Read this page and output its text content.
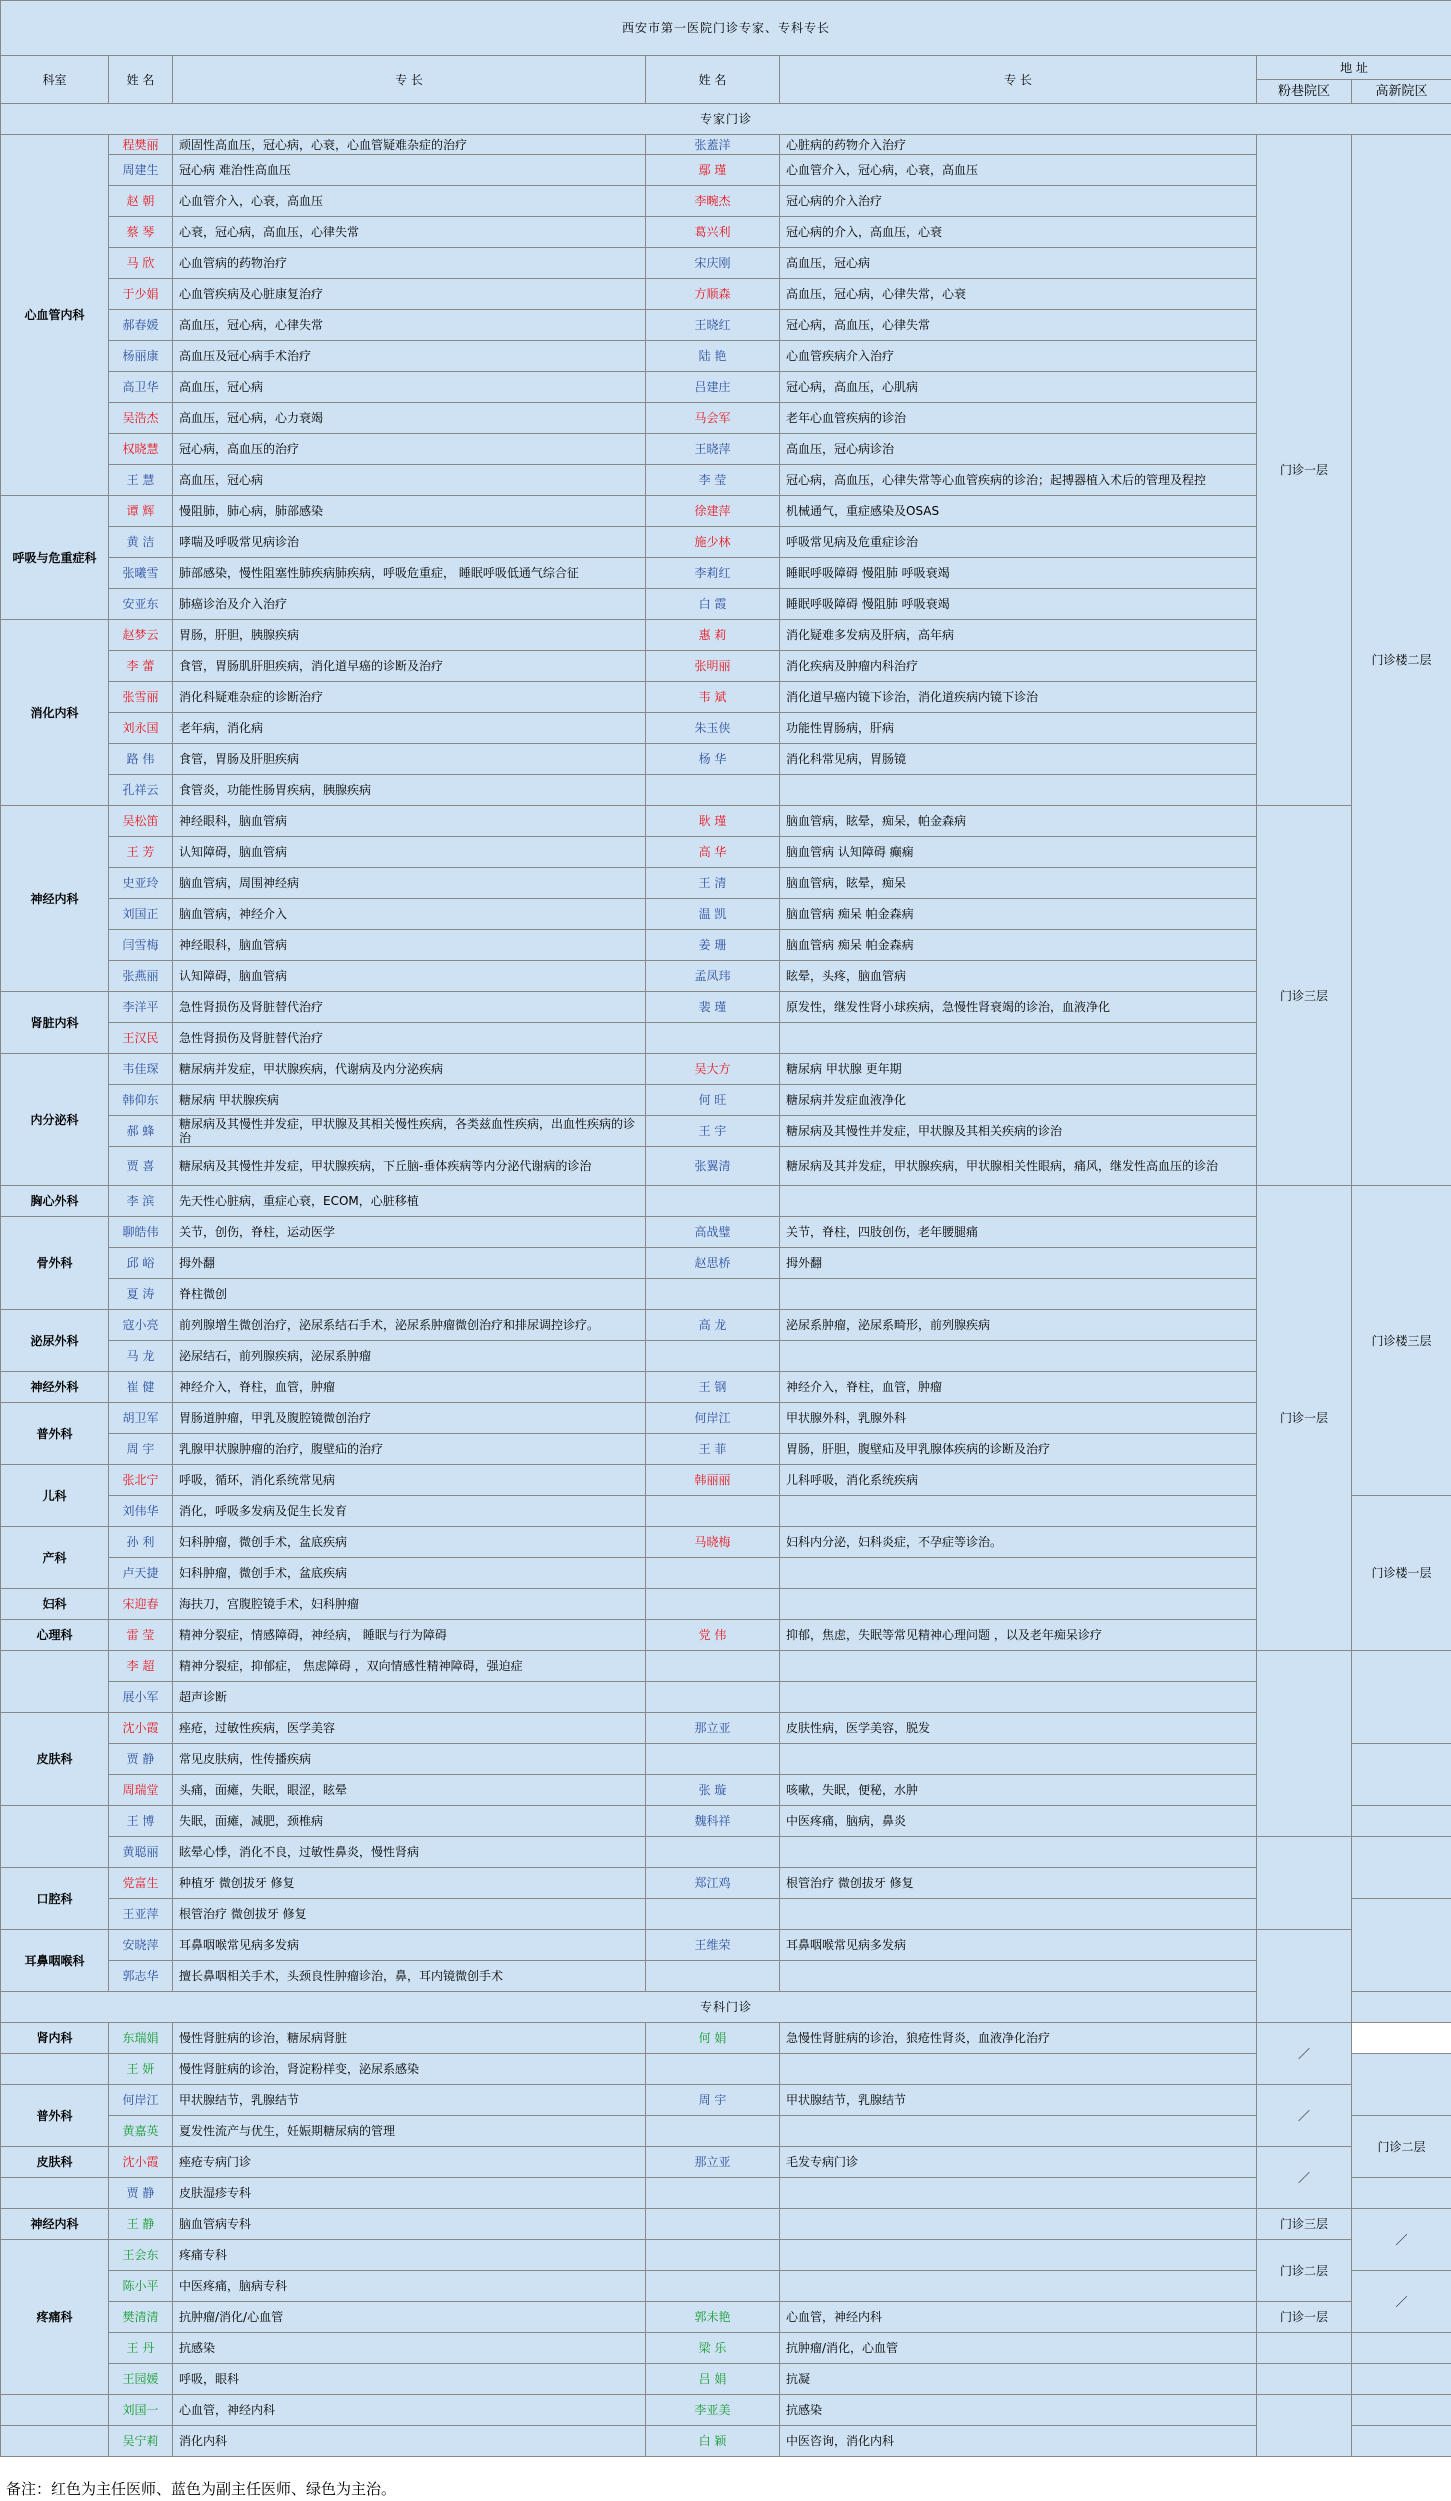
西安市第一医院门诊专家、专科专长						
科室	姓 名	专 长	姓 名	专 长	地 址	
					粉巷院区	高新院区
专家门诊						
心血管内科	程樊丽	顽固性高血压，冠心病，心衰，心血管疑难杂症的治疗	张蓋洋	心脏病的药物介入治疗	门诊一层	门诊楼二层
	周建生	冠心病 难治性高血压	鄢 瑾	心血管介入，冠心病，心衰，高血压		
	赵 朝	心血管介入，心衰，高血压	李畹杰	冠心病的介入治疗		
	蔡 琴	心衰，冠心病，高血压，心律失常	葛兴利	冠心病的介入，高血压，心衰		
	马 欣	心血管病的药物治疗	宋庆刚	高血压，冠心病		
	于少娟	心血管疾病及心脏康复治疗	方顺森	高血压，冠心病，心律失常，心衰		
	郝春媛	高血压，冠心病，心律失常	王晓红	冠心病，高血压，心律失常		
	杨丽康	高血压及冠心病手术治疗	陆 艳	心血管疾病介入治疗		
	高卫华	高血压，冠心病	吕建庄	冠心病，高血压，心肌病		
	吴浩杰	高血压，冠心病，心力衰竭	马会军	老年心血管疾病的诊治		
	权晓慧	冠心病，高血压的治疗	王晓萍	高血压，冠心病诊治		
	王 慧	高血压，冠心病	李 莹	冠心病，高血压，心律失常等心血管疾病的诊治；起搏器植入术后的管理及程控		
呼吸与危重症科	谭 辉	慢阻肺，肺心病，肺部感染	徐建萍	机械通气，重症感染及OSAS		
	黄 洁	哮喘及呼吸常见病诊治	施少林	呼吸常见病及危重症诊治		
	张曦雪	肺部感染，慢性阻塞性肺疾病肺疾病，呼吸危重症， 睡眠呼吸低通气综合征	李莉红	睡眠呼吸障碍 慢阻肺 呼吸衰竭		
	安亚东	肺癌诊治及介入治疗	白 霞	睡眠呼吸障碍 慢阻肺 呼吸衰竭		
消化内科	赵梦云	胃肠，肝胆，胰腺疾病	惠 莉	消化疑难多发病及肝病，高年病		
	李 蕾	食管，胃肠肌肝胆疾病，消化道早癌的诊断及治疗	张明丽	消化疾病及肿瘤内科治疗		
	张雪丽	消化科疑难杂症的诊断治疗	韦 斌	消化道早癌内镜下诊治，消化道疾病内镜下诊治		
	刘永国	老年病，消化病	朱玉侠	功能性胃肠病，肝病		
	路 伟	食管，胃肠及肝胆疾病	杨 华	消化科常见病，胃肠镜		
	孔祥云	食管炎，功能性肠胃疾病，胰腺疾病				
神经内科	吴松笛	神经眼科，脑血管病	耿 瑾	脑血管病，眩晕，痴呆，帕金森病	门诊三层	
	王 芳	认知障碍，脑血管病	高 华	脑血管病 认知障碍 癫痫		
	史亚玲	脑血管病，周围神经病	王 清	脑血管病，眩晕，痴呆		
	刘国正	脑血管病，神经介入	温 凯	脑血管病 痴呆 帕金森病		
	闫雪梅	神经眼科，脑血管病	姜 珊	脑血管病 痴呆 帕金森病		
	张燕丽	认知障碍，脑血管病	孟凤玮	眩晕，头疼，脑血管病		
肾脏内科	李洋平	急性肾损伤及肾脏替代治疗	裴 瑾	原发性，继发性肾小球疾病，急慢性肾衰竭的诊治，血液净化		
	王汉民	急性肾损伤及肾脏替代治疗				
内分泌科	韦佳琛	糖尿病并发症，甲状腺疾病，代谢病及内分泌疾病	吴大方	糖尿病 甲状腺 更年期		
	韩仰东	糖尿病 甲状腺疾病	何 旺	糖尿病并发症血液净化		
	郝 蜂	糖尿病及其慢性并发症，甲状腺及其相关慢性疾病，各类兹血性疾病，出血性疾病的诊治	王 宇	糖尿病及其慢性并发症，甲状腺及其相关疾病的诊治		
	贾 喜	糖尿病及其慢性并发症，甲状腺疾病，下丘脑-垂体疾病等内分泌代谢病的诊治	张翼清	糖尿病及其并发症，甲状腺疾病，甲状腺相关性眼病，痛风，继发性高血压的诊治		
胸心外科	李 滨	先天性心脏病，重症心衰，ECOM，心脏移植			门诊一层	门诊楼三层
骨外科	聊皓伟	关节，创伤，脊柱，运动医学	高战璧	关节，脊柱，四肢创伤，老年腰腿痛		
	邱 峪	拇外翻	赵思桥	拇外翻		
	夏 涛	脊柱微创				
泌尿外科	寇小亮	前列腺增生微创治疗，泌尿系结石手术，泌尿系肿瘤微创治疗和排尿调控诊疗。	高 龙	泌尿系肿瘤，泌尿系畸形，前列腺疾病		
	马 龙	泌尿结石，前列腺疾病，泌尿系肿瘤				
神经外科	崔 健	神经介入，脊柱，血管，肿瘤	王 钢	神经介入，脊柱，血管，肿瘤		
普外科	胡卫军	胃肠道肿瘤，甲乳及腹腔镜微创治疗	何岸江	甲状腺外科，乳腺外科		
	周 宇	乳腺甲状腺肿瘤的治疗，腹壁疝的治疗	王 菲	胃肠，肝胆，腹壁疝及甲乳腺体疾病的诊断及治疗		
儿科	张北宁	呼吸，循环，消化系统常见病	韩丽丽	儿科呼吸，消化系统疾病		
	刘伟华	消化，呼吸多发病及促生长发育				门诊楼一层
产科	孙 利	妇科肿瘤，微创手术，盆底疾病	马晓梅	妇科内分泌，妇科炎症，不孕症等诊治。		
	卢天捷	妇科肿瘤，微创手术，盆底疾病				
妇科	宋迎春	海扶刀，宫腹腔镜手术，妇科肿瘤				
心理科	雷 莹	精神分裂症，情感障碍，神经病， 睡眠与行为障碍	党 伟	抑郁，焦虑，失眠等常见精神心理问题 ，以及老年痴呆诊疗		
	李 超	精神分裂症，抑郁症， 焦虑障碍 ，双向情感性精神障碍，强迫症				
	展小军	超声诊断				
皮肤科	沈小霞	痤疮，过敏性疾病，医学美容	那立亚	皮肤性病，医学美容，脱发		
	贾 静	常见皮肤病，性传播疾病				
	周瑞堂	头痛，面瘫，失眠，眼涩，眩晕	张 璇	咳嗽，失眠，便秘，水肿		
	王 博	失眠，面瘫，减肥，颈椎病	魏科祥	中医疼痛，脑病，鼻炎		
	黄聪丽	眩晕心悸，消化不良，过敏性鼻炎，慢性肾病				
口腔科	党富生	种植牙 微创拔牙 修复	郑江鸡	根管治疗 微创拔牙 修复		
	王亚萍	根管治疗 微创拔牙 修复				
耳鼻咽喉科	安晓萍	耳鼻咽喉常见病多发病	王维荣	耳鼻咽喉常见病多发病		
	郭志华	擅长鼻咽相关手术，头颈良性肿瘤诊治，鼻，耳内镜微创手术				
专科门诊						
肾内科	东瑞娟	慢性肾脏病的诊治，糖尿病肾脏	何 娟	急慢性肾脏病的诊治，狼疮性肾炎，血液净化治疗	／	
	王 妍	慢性肾脏病的诊治，肾淀粉样变，泌尿系感染				
普外科	何岸江	甲状腺结节，乳腺结节	周 宇	甲状腺结节，乳腺结节	／	
	黄嘉英	夏发性流产与优生，妊娠期糖尿病的管理				门诊二层
皮肤科	沈小霞	痤疮专病门诊	那立亚	毛发专病门诊	／	
	贾 静	皮肤湿疹专科				
神经内科	王 静	脑血管病专科			门诊三层	／
疼痛科	王会东	疼痛专科			门诊二层	
	陈小平	中医疼痛，脑病专科				／
	樊清清	抗肿瘤/消化/心血管	郭未艳	心血管，神经内科	门诊一层	
	王 丹	抗感染	梁 乐	抗肿瘤/消化，心血管		
	王园媛	呼吸，眼科	吕 娟	抗凝		
	刘国一	心血管，神经内科	李亚美	抗感染		
	吴宁莉	消化内科	白 颖	中医咨询，消化内科		
备注：红色为主任医师、蓝色为副主任医师、绿色为主治。
